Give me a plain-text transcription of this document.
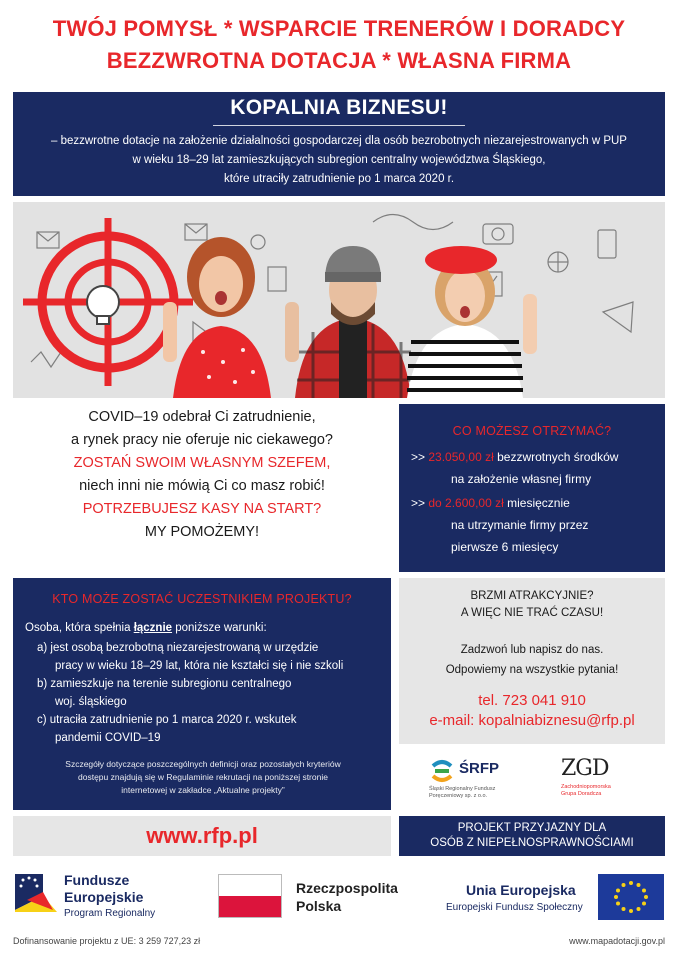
TWÓJ POMYSŁ * WSPARCIE TRENERÓW I DORADCY
BEZZWROTNA DOTACJA * WŁASNA FIRMA
KOPALNIA BIZNESU!
– bezzwrotne dotacje na założenie działalności gospodarczej dla osób bezrobotnych niezarejestrowanych w PUP
w wieku 18–29 lat zamieszkujących subregion centralny województwa Śląskiego,
które utraciły zatrudnienie po 1 marca 2020 r.
COVID–19 odebrał Ci zatrudnienie,
a rynek pracy nie oferuje nic ciekawego?
ZOSTAŃ SWOIM WŁASNYM SZEFEM,
niech inni nie mówią Ci co masz robić!
POTRZEBUJESZ KASY NA START?
MY POMOŻEMY!
CO MOŻESZ OTRZYMAĆ?
>> 23.050,00 zł bezzwrotnych środków
na założenie własnej firmy
>> do 2.600,00 zł miesięcznie
na utrzymanie firmy przez
pierwsze 6 miesięcy
KTO MOŻE ZOSTAĆ UCZESTNIKIEM PROJEKTU?
Osoba, która spełnia łącznie poniższe warunki:
a) jest osobą bezrobotną niezarejestrowaną w urzędzie
pracy w wieku 18–29 lat, która nie kształci się i nie szkoli
b) zamieszkuje na terenie subregionu centralnego
woj. śląskiego
c) utraciła zatrudnienie po 1 marca 2020 r. wskutek
pandemii COVID–19
Szczegóły dotyczące poszczególnych definicji oraz pozostałych kryteriów
dostępu znajdują się w Regulaminie rekrutacji na poniższej stronie
internetowej w zakładce „Aktualne projekty”
BRZMI ATRAKCYJNIE?
A WIĘC NIE TRAĆ CZASU!
Zadzwoń lub napisz do nas.
Odpowiemy na wszystkie pytania!
tel. 723 041 910
e-mail: kopalniabiznesu@rfp.pl
ŚRFP
Śląski Regionalny Fundusz
Poręczeniowy sp. z o.o.
ZGD
Zachodniopomorska
Grupa Doradcza
www.rfp.pl	PROJEKT PRZYJAZNY DLA
OSÓB Z NIEPEŁNOSPRAWNOŚCIAMI
Fundusze
Europejskie
Program Regionalny
Rzeczpospolita
Polska
Unia Europejska
Europejski Fundusz Społeczny
Dofinansowanie projektu z UE: 3 259 727,23 zł	www.mapadotacji.gov.pl
